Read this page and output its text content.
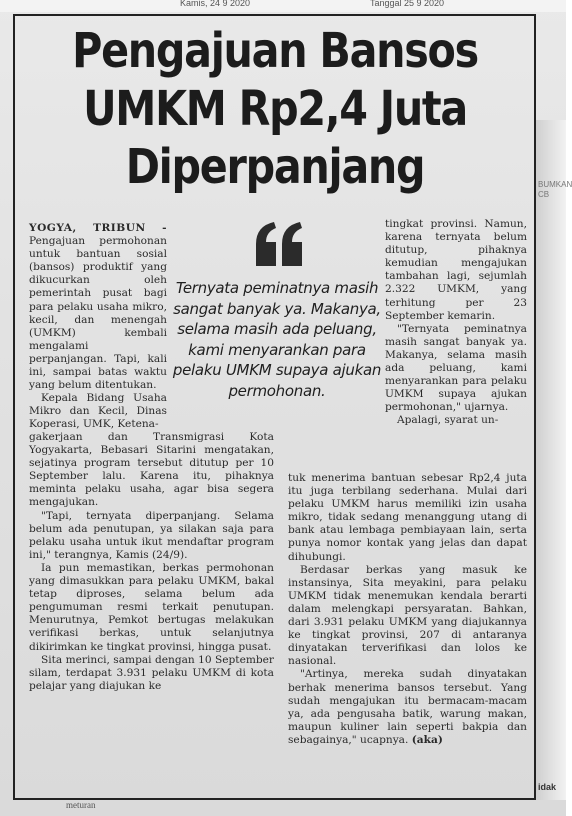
Kamis, 24 9 2020	Tanggal 25 9 2020
BUMKAN CB
Pengajuan Bansos UMKM Rp2,4 Juta Diperpanjang

YOGYA, TRIBUN - Pengajuan permohonan untuk bantuan sosial (bansos) produktif yang dikucurkan oleh pemerintah pusat bagi para pelaku usaha mikro, kecil, dan menengah (UMKM) kembali mengalami perpanjangan. Tapi, kali ini, sampai batas waktu yang belum ditentukan.

Kepala Bidang Usaha Mikro dan Kecil, Dinas Koperasi, UMK, Ketena-

Ternyata peminatnya masih sangat banyak ya. Makanya, selama masih ada peluang, kami menyarankan para pelaku UMKM supaya ajukan permohonan.

tingkat provinsi. Namun, karena ternyata belum ditutup, pihaknya kemudian mengajukan tambahan lagi, sejumlah 2.322 UMKM, yang terhitung per 23 September kemarin.

"Ternyata peminatnya masih sangat banyak ya. Makanya, selama masih ada peluang, kami menyarankan para pelaku UMKM supaya ajukan permohonan," ujarnya.

Apalagi, syarat un-

gakerjaan dan Transmigrasi Kota Yogyakarta, Bebasari Sitarini mengatakan, sejatinya program tersebut ditutup per 10 September lalu. Karena itu, pihaknya meminta pelaku usaha, agar bisa segera mengajukan.

"Tapi, ternyata diperpanjang. Selama belum ada penutupan, ya silakan saja para pelaku usaha untuk ikut mendaftar program ini," terangnya, Kamis (24/9).

Ia pun memastikan, berkas permohonan yang dimasukkan para pelaku UMKM, bakal tetap diproses, selama belum ada pengumuman resmi terkait penutupan. Menurutnya, Pemkot bertugas melakukan verifikasi berkas, untuk selanjutnya dikirimkan ke tingkat provinsi, hingga pusat.

Sita merinci, sampai dengan 10 September silam, terdapat 3.931 pelaku UMKM di kota pelajar yang diajukan ke

tuk menerima bantuan sebesar Rp2,4 juta itu juga terbilang sederhana. Mulai dari pelaku UMKM harus memiliki izin usaha mikro, tidak sedang menanggung utang di bank atau lembaga pembiayaan lain, serta punya nomor kontak yang jelas dan dapat dihubungi.

Berdasar berkas yang masuk ke instansinya, Sita meyakini, para pelaku UMKM tidak menemukan kendala berarti dalam melengkapi persyaratan. Bahkan, dari 3.931 pelaku UMKM yang diajukannya ke tingkat provinsi, 207 di antaranya dinyatakan terverifikasi dan lolos ke nasional.

"Artinya, mereka sudah dinyatakan berhak menerima bansos tersebut. Yang sudah mengajukan itu bermacam-macam ya, ada pengusaha batik, warung makan, maupun kuliner lain seperti bakpia dan sebagainya," ucapnya. (aka)

idak
meturan
